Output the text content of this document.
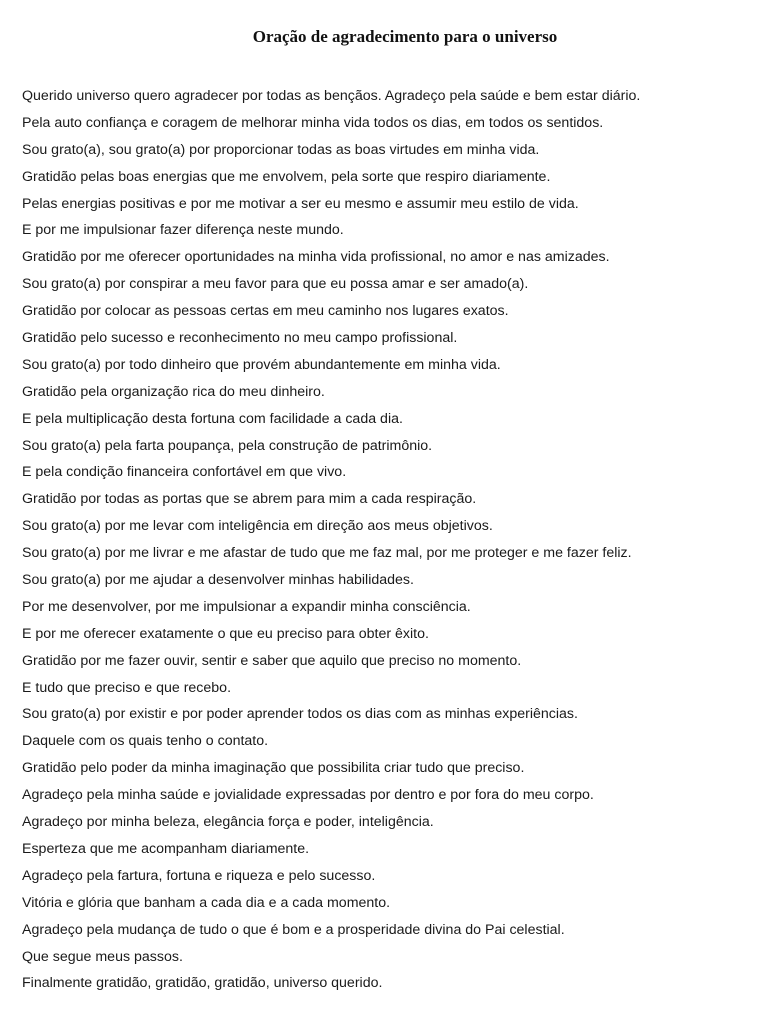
Oração de agradecimento para o universo
Querido universo quero agradecer por todas as bençãos. Agradeço pela saúde e bem estar diário.
Pela auto confiança e coragem de melhorar minha vida todos os dias, em todos os sentidos.
Sou grato(a), sou grato(a) por proporcionar todas as boas virtudes em minha vida.
Gratidão pelas boas energias que me envolvem, pela sorte que respiro diariamente.
Pelas energias positivas e por me motivar a ser eu mesmo e assumir meu estilo de vida.
E por me impulsionar fazer diferença neste mundo.
Gratidão por me oferecer oportunidades na minha vida profissional, no amor e nas amizades.
Sou grato(a) por conspirar a meu favor para que eu possa amar e ser amado(a).
Gratidão por colocar as pessoas certas em meu caminho nos lugares exatos.
Gratidão pelo sucesso e reconhecimento no meu campo profissional.
Sou grato(a) por todo dinheiro que provém abundantemente em minha vida.
Gratidão pela organização rica do meu dinheiro.
E pela multiplicação desta fortuna com facilidade a cada dia.
Sou grato(a) pela farta poupança, pela construção de patrimônio.
E pela condição financeira confortável em que vivo.
Gratidão por todas as portas que se abrem para mim a cada respiração.
Sou grato(a) por me levar com inteligência em direção aos meus objetivos.
Sou grato(a) por me livrar e me afastar de tudo que me faz mal, por me proteger e me fazer feliz.
Sou grato(a) por me ajudar a desenvolver minhas habilidades.
Por me desenvolver, por me impulsionar a expandir minha consciência.
E por me oferecer exatamente o que eu preciso para obter êxito.
Gratidão por me fazer ouvir, sentir e saber que aquilo que preciso no momento.
E tudo que preciso e que recebo.
Sou grato(a) por existir e por poder aprender todos os dias com as minhas experiências.
Daquele com os quais tenho o contato.
Gratidão pelo poder da minha imaginação que possibilita criar tudo que preciso.
Agradeço pela minha saúde e jovialidade expressadas por dentro e por fora do meu corpo.
Agradeço por minha beleza, elegância força e poder, inteligência.
Esperteza que me acompanham diariamente.
Agradeço pela fartura, fortuna e riqueza e pelo sucesso.
Vitória e glória que banham a cada dia e a cada momento.
Agradeço pela mudança de tudo o que é bom e a prosperidade divina do Pai celestial.
Que segue meus passos.
Finalmente gratidão, gratidão, gratidão, universo querido.
